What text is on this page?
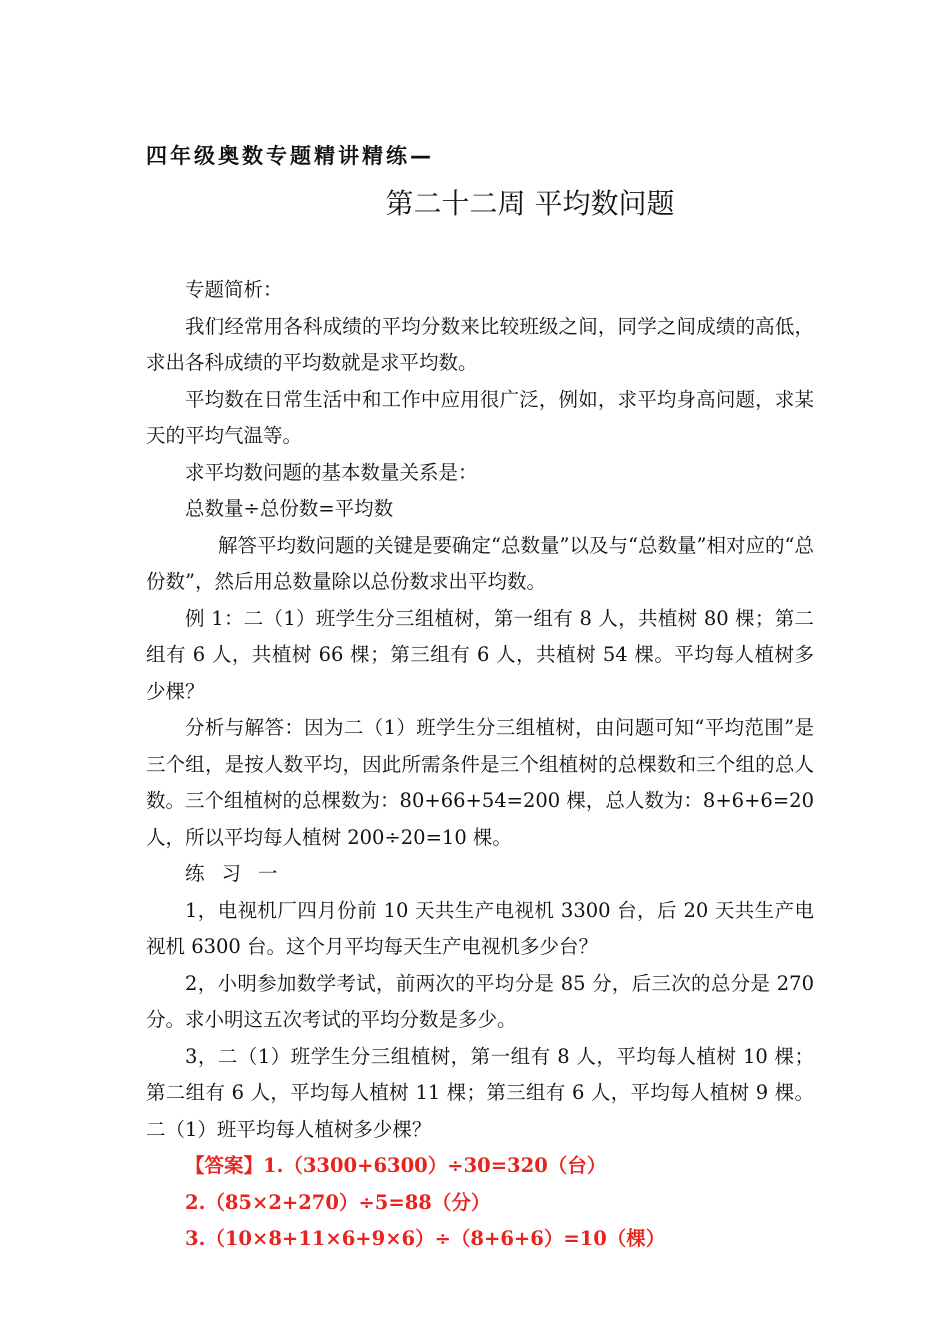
四年级奥数专题精讲精练—
第二十二周 平均数问题

专题简析：

我们经常用各科成绩的平均分数来比较班级之间，同学之间成绩的高低，求出各科成绩的平均数就是求平均数。

平均数在日常生活中和工作中应用很广泛，例如，求平均身高问题，求某天的平均气温等。

求平均数问题的基本数量关系是：

总数量÷总份数=平均数

解答平均数问题的关键是要确定“总数量”以及与“总数量”相对应的“总份数”，然后用总数量除以总份数求出平均数。

例 1：二（1）班学生分三组植树，第一组有 8 人，共植树 80 棵；第二组有 6 人，共植树 66 棵；第三组有 6 人，共植树 54 棵。平均每人植树多少棵？

分析与解答：因为二（1）班学生分三组植树，由问题可知“平均范围”是三个组，是按人数平均，因此所需条件是三个组植树的总棵数和三个组的总人数。三个组植树的总棵数为：80+66+54=200 棵，总人数为：8+6+6=20 人，所以平均每人植树 200÷20=10 棵。

练习一

1，电视机厂四月份前 10 天共生产电视机 3300 台，后 20 天共生产电视机 6300 台。这个月平均每天生产电视机多少台？

2，小明参加数学考试，前两次的平均分是 85 分，后三次的总分是 270 分。求小明这五次考试的平均分数是多少。

3，二（1）班学生分三组植树，第一组有 8 人，平均每人植树 10 棵；第二组有 6 人，平均每人植树 11 棵；第三组有 6 人，平均每人植树 9 棵。二（1）班平均每人植树多少棵？

【答案】1.（3300+6300）÷30=320（台）

2.（85×2+270）÷5=88（分）

3.（10×8+11×6+9×6）÷（8+6+6）=10（棵）
